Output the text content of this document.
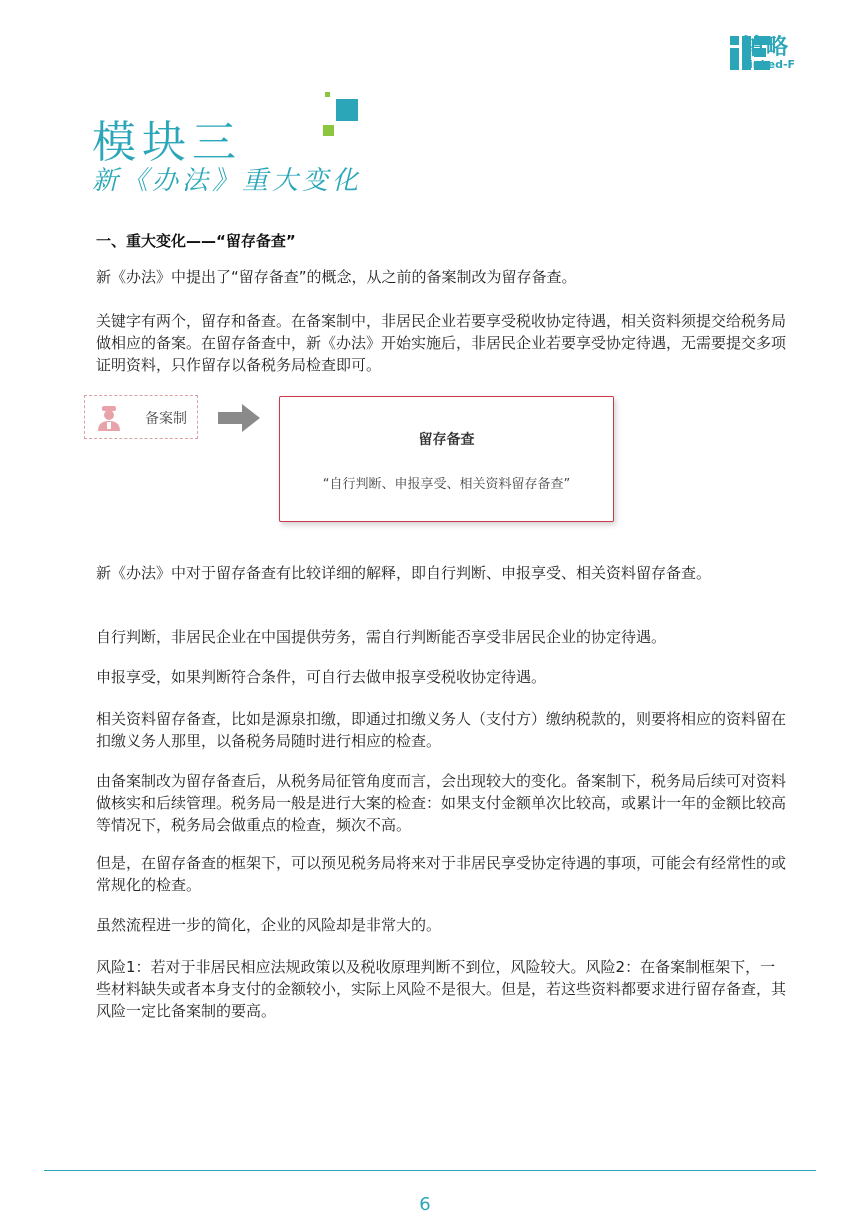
铂略
Linked-F
模块三
新《办法》重大变化
一、重大变化——“留存备查”
新《办法》中提出了“留存备查”的概念，从之前的备案制改为留存备查。
关键字有两个，留存和备查。在备案制中，非居民企业若要享受税收协定待遇，相关资料须提交给税务局做相应的备案。在留存备查中，新《办法》开始实施后，非居民企业若要享受协定待遇，无需要提交多项证明资料，只作留存以备税务局检查即可。
备案制
留存备查
“自行判断、申报享受、相关资料留存备查”
新《办法》中对于留存备查有比较详细的解释，即自行判断、申报享受、相关资料留存备查。
自行判断，非居民企业在中国提供劳务，需自行判断能否享受非居民企业的协定待遇。
申报享受，如果判断符合条件，可自行去做申报享受税收协定待遇。
相关资料留存备查，比如是源泉扣缴，即通过扣缴义务人（支付方）缴纳税款的，则要将相应的资料留在扣缴义务人那里，以备税务局随时进行相应的检查。
由备案制改为留存备查后，从税务局征管角度而言，会出现较大的变化。备案制下，税务局后续可对资料做核实和后续管理。税务局一般是进行大案的检查：如果支付金额单次比较高，或累计一年的金额比较高等情况下，税务局会做重点的检查，频次不高。
但是，在留存备查的框架下，可以预见税务局将来对于非居民享受协定待遇的事项，可能会有经常性的或常规化的检查。
虽然流程进一步的简化，企业的风险却是非常大的。
风险1：若对于非居民相应法规政策以及税收原理判断不到位，风险较大。风险2：在备案制框架下，一些材料缺失或者本身支付的金额较小，实际上风险不是很大。但是，若这些资料都要求进行留存备查，其风险一定比备案制的要高。
6
